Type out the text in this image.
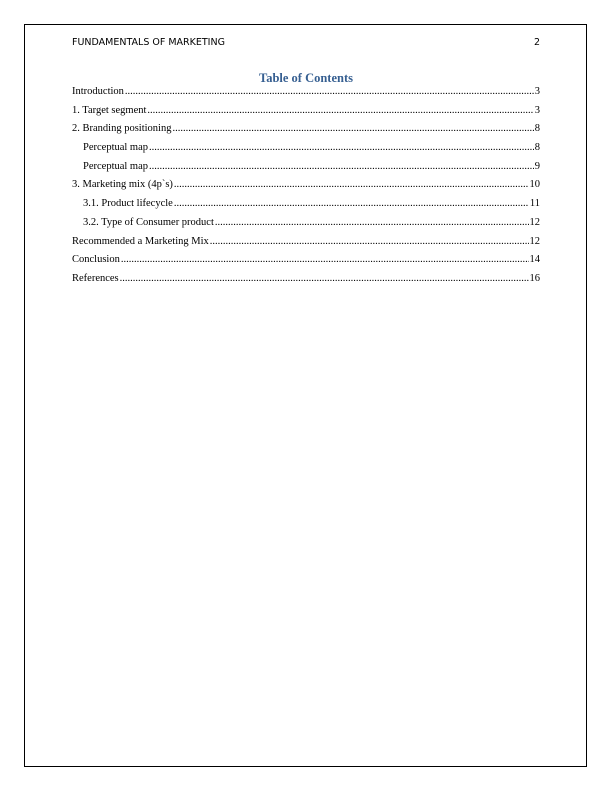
FUNDAMENTALS OF MARKETING	2
Table of Contents
Introduction .....	3
1. Target segment .....	3
2. Branding positioning .....	8
Perceptual map .....	8
Perceptual map .....	9
3. Marketing mix (4p`s) .....	10
3.1. Product lifecycle .....	11
3.2. Type of Consumer product .....	12
Recommended a Marketing Mix .....	12
Conclusion .....	14
References .....	16
